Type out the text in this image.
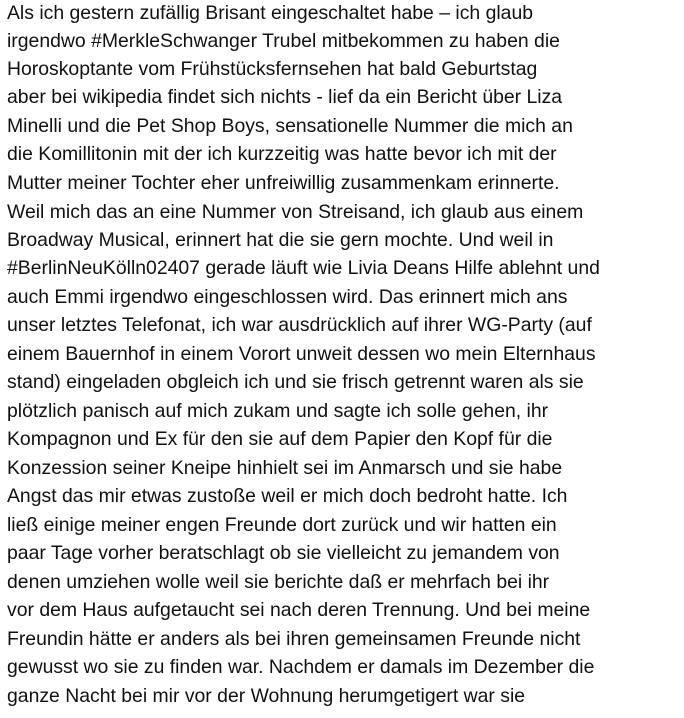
Als ich gestern zufällig Brisant eingeschaltet habe – ich glaub
irgendwo #MerkleSchwanger Trubel mitbekommen zu haben die
Horoskoptante vom Frühstücksfernsehen hat bald Geburtstag
aber bei wikipedia findet sich nichts - lief da ein Bericht über Liza
Minelli und die Pet Shop Boys, sensationelle Nummer die mich an
die Komillitonin mit der ich kurzzeitig was hatte bevor ich mit der
Mutter meiner Tochter eher unfreiwillig zusammenkam erinnerte.
Weil mich das an eine Nummer von Streisand, ich glaub aus einem
Broadway Musical, erinnert hat die sie gern mochte. Und weil in
#BerlinNeuKölln02407 gerade läuft wie Livia Deans Hilfe ablehnt und
auch Emmi irgendwo eingeschlossen wird. Das erinnert mich ans
unser letztes Telefonat, ich war ausdrücklich auf ihrer WG-Party (auf
einem Bauernhof in einem Vorort unweit dessen wo mein Elternhaus
stand) eingeladen obgleich ich und sie frisch getrennt waren als sie
plötzlich panisch auf mich zukam und sagte ich solle gehen, ihr
Kompagnon und Ex für den sie auf dem Papier den Kopf für die
Konzession seiner Kneipe hinhielt sei im Anmarsch und sie habe
Angst das mir etwas zustoße weil er mich doch bedroht hatte. Ich
ließ einige meiner engen Freunde dort zurück und wir hatten ein
paar Tage vorher beratschlagt ob sie vielleicht zu jemandem von
denen umziehen wolle weil sie berichte daß er mehrfach bei ihr
vor dem Haus aufgetaucht sei nach deren Trennung. Und bei meine
Freundin hätte er anders als bei ihren gemeinsamen Freunde nicht
gewusst wo sie zu finden war. Nachdem er damals im Dezember die
ganze Nacht bei mir vor der Wohnung herumgetigert war sie
